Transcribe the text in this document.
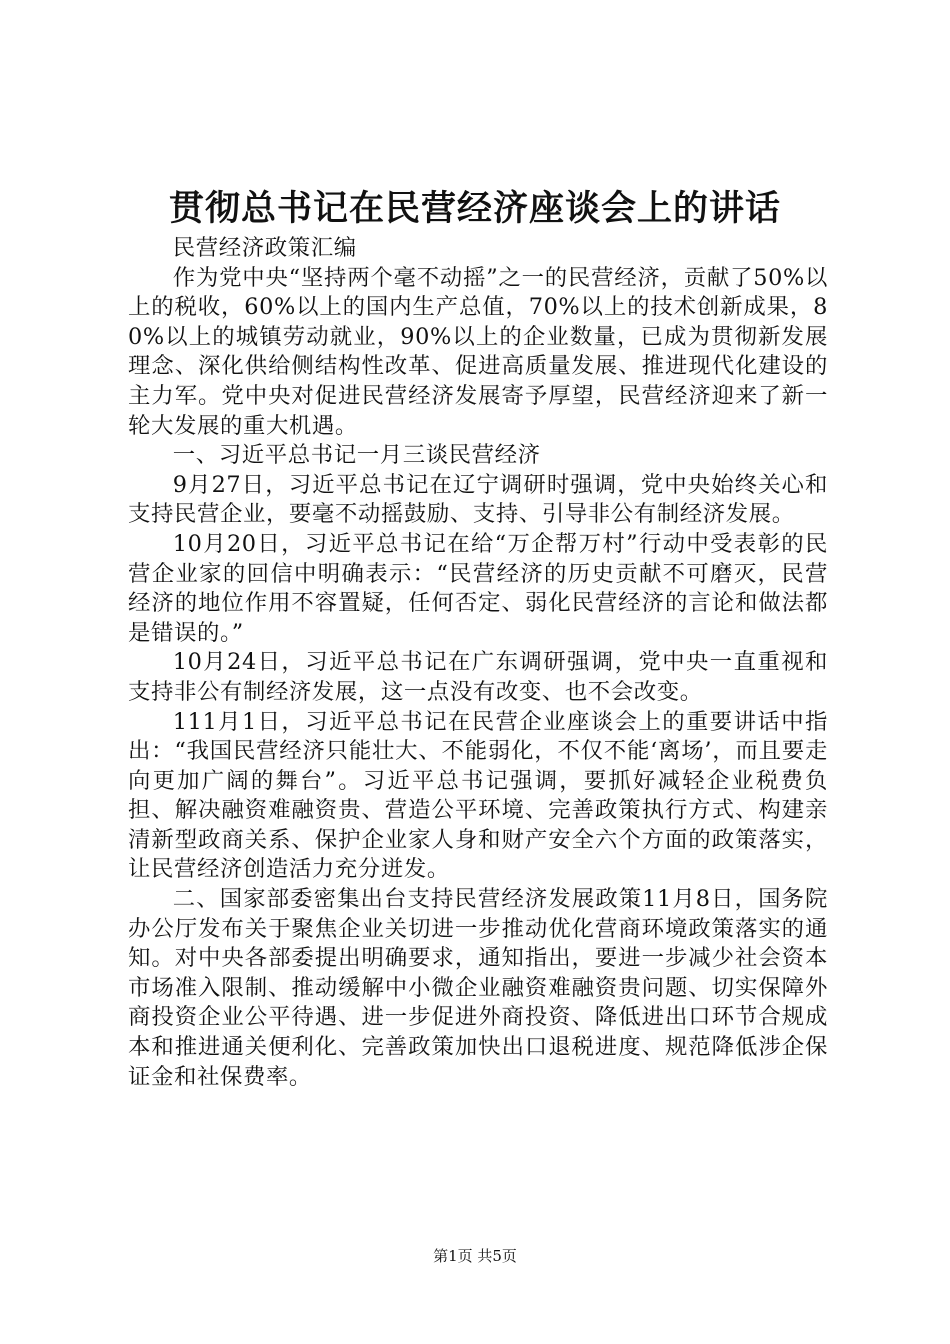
贯彻总书记在民营经济座谈会上的讲话

民营经济政策汇编

作为党中央“坚持两个毫不动摇”之一的民营经济，贡献了50%以上的税收，60%以上的国内生产总值，70%以上的技术创新成果，80%以上的城镇劳动就业，90%以上的企业数量，已成为贯彻新发展理念、深化供给侧结构性改革、促进高质量发展、推进现代化建设的主力军。党中央对促进民营经济发展寄予厚望，民营经济迎来了新一轮大发展的重大机遇。

一、习近平总书记一月三谈民营经济

9月27日，习近平总书记在辽宁调研时强调，党中央始终关心和支持民营企业，要毫不动摇鼓励、支持、引导非公有制经济发展。

10月20日，习近平总书记在给“万企帮万村”行动中受表彰的民营企业家的回信中明确表示：“民营经济的历史贡献不可磨灭，民营经济的地位作用不容置疑，任何否定、弱化民营经济的言论和做法都是错误的。”

10月24日，习近平总书记在广东调研强调，党中央一直重视和支持非公有制经济发展，这一点没有改变、也不会改变。

111月1日，习近平总书记在民营企业座谈会上的重要讲话中指出：“我国民营经济只能壮大、不能弱化，不仅不能‘离场’，而且要走向更加广阔的舞台”。习近平总书记强调，要抓好减轻企业税费负担、解决融资难融资贵、营造公平环境、完善政策执行方式、构建亲清新型政商关系、保护企业家人身和财产安全六个方面的政策落实，让民营经济创造活力充分迸发。

二、国家部委密集出台支持民营经济发展政策11月8日，国务院办公厅发布关于聚焦企业关切进一步推动优化营商环境政策落实的通知。对中央各部委提出明确要求，通知指出，要进一步减少社会资本市场准入限制、推动缓解中小微企业融资难融资贵问题、切实保障外商投资企业公平待遇、进一步促进外商投资、降低进出口环节合规成本和推进通关便利化、完善政策加快出口退税进度、规范降低涉企保证金和社保费率。

第1页 共5页
